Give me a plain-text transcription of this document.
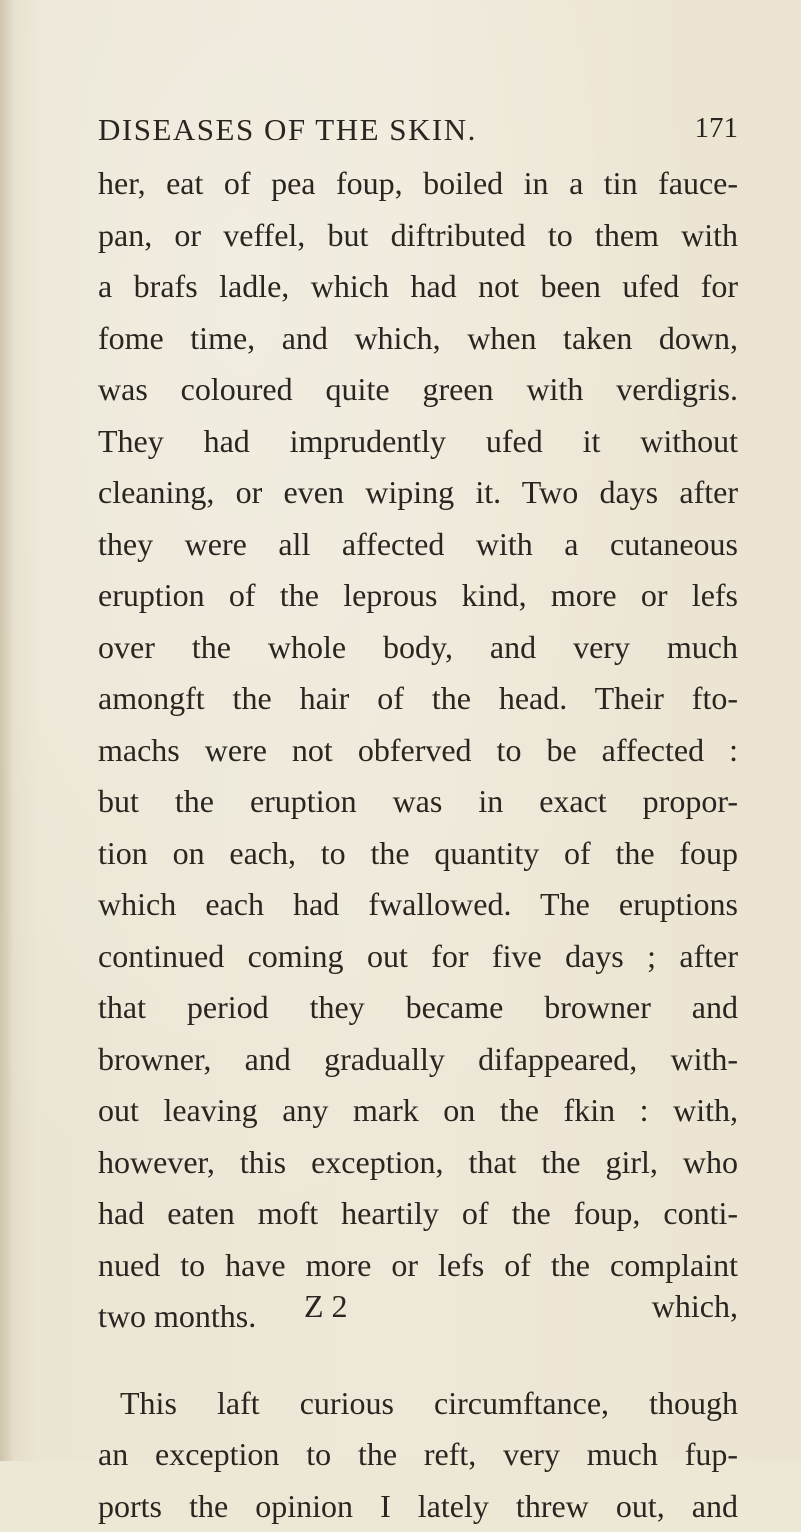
DISEASES OF THE SKIN.	171
her, eat of pea foup, boiled in a tin fauce-
pan, or veffel, but diftributed to them with
a brafs ladle, which had not been ufed for
fome time, and which, when taken down,
was coloured quite green with verdigris.
They had imprudently ufed it without
cleaning, or even wiping it. Two days after
they were all affected with a cutaneous
eruption of the leprous kind, more or lefs
over the whole body, and very much
amongft the hair of the head. Their fto-
machs were not obferved to be affected :
but the eruption was in exact propor-
tion on each, to the quantity of the foup
which each had fwallowed. The eruptions
continued coming out for five days ; after
that period they became browner and
browner, and gradually difappeared, with-
out leaving any mark on the fkin : with,
however, this exception, that the girl, who
had eaten moft heartily of the foup, conti-
nued to have more or lefs of the complaint
two months.
This laft curious circumftance, though
an exception to the reft, very much fup-
ports the opinion I lately threw out, and
Z 2	which,
